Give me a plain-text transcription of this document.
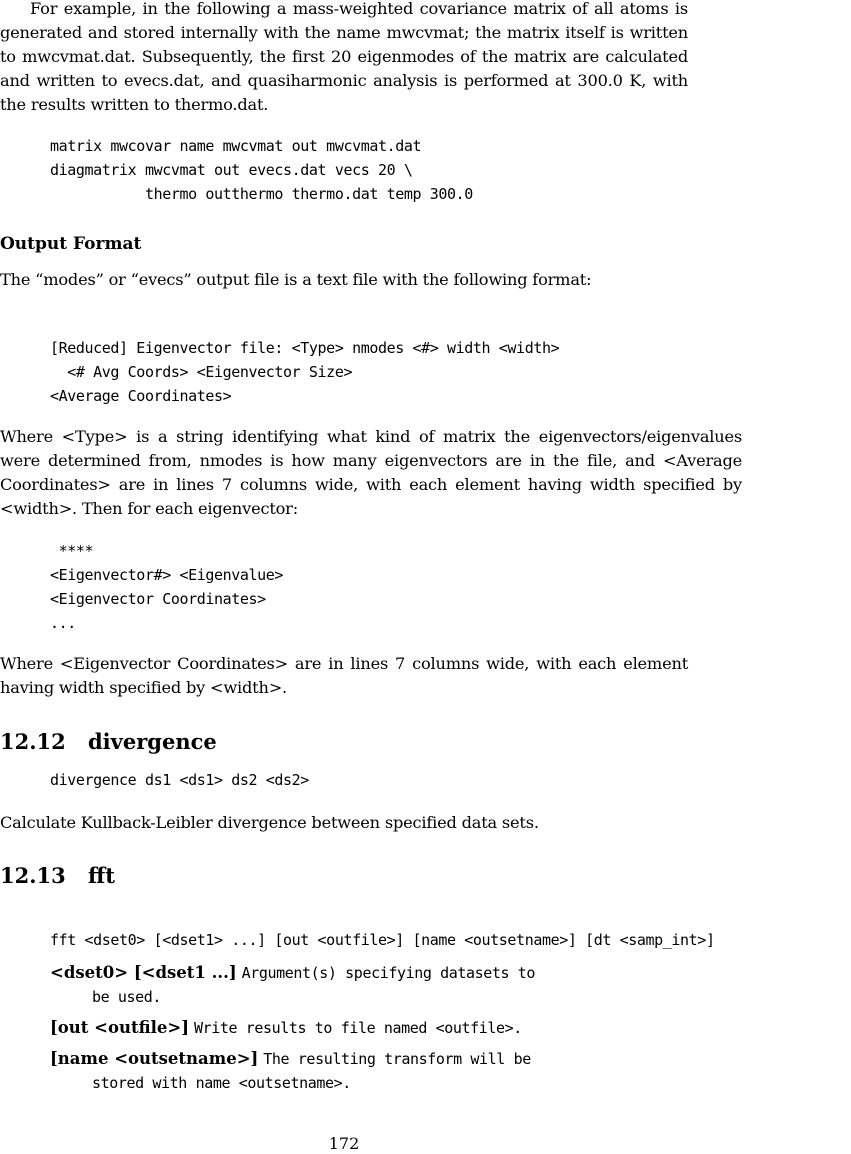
For example, in the following a mass-weighted covariance matrix of all atoms is generated and stored internally with the name mwcvmat; the matrix itself is written to mwcvmat.dat. Subsequently, the first 20 eigenmodes of the matrix are calculated and written to evecs.dat, and quasiharmonic analysis is performed at 300.0 K, with the results written to thermo.dat.
matrix mwcovar name mwcvmat out mwcvmat.dat
diagmatrix mwcvmat out evecs.dat vecs 20 \
thermo outthermo thermo.dat temp 300.0
Output Format
The “modes” or “evecs” output file is a text file with the following format:
[Reduced] Eigenvector file: <Type> nmodes <#> width <width>
<# Avg Coords> <Eigenvector Size>
<Average Coordinates>
Where <Type> is a string identifying what kind of matrix the eigenvectors/eigenvalues were determined from, nmodes is how many eigenvectors are in the file, and <Average Coordinates> are in lines 7 columns wide, with each element having width specified by <width>. Then for each eigenvector:
****
<Eigenvector#> <Eigenvalue>
<Eigenvector Coordinates>
...
Where <Eigenvector Coordinates> are in lines 7 columns wide, with each element having width specified by <width>.
12.12	divergence
divergence ds1 <ds1> ds2 <ds2>
Calculate Kullback-Leibler divergence between specified data sets.
12.13	fft
fft <dset0> [<dset1> ...] [out <outfile>] [name <outsetname>] [dt <samp_int>]
<dset0> [<dset1 ...] Argument(s) specifying datasets to
be used.
[out <outfile>] Write results to file named <outfile>.
[name <outsetname>] The resulting transform will be
stored with name <outsetname>.
172
